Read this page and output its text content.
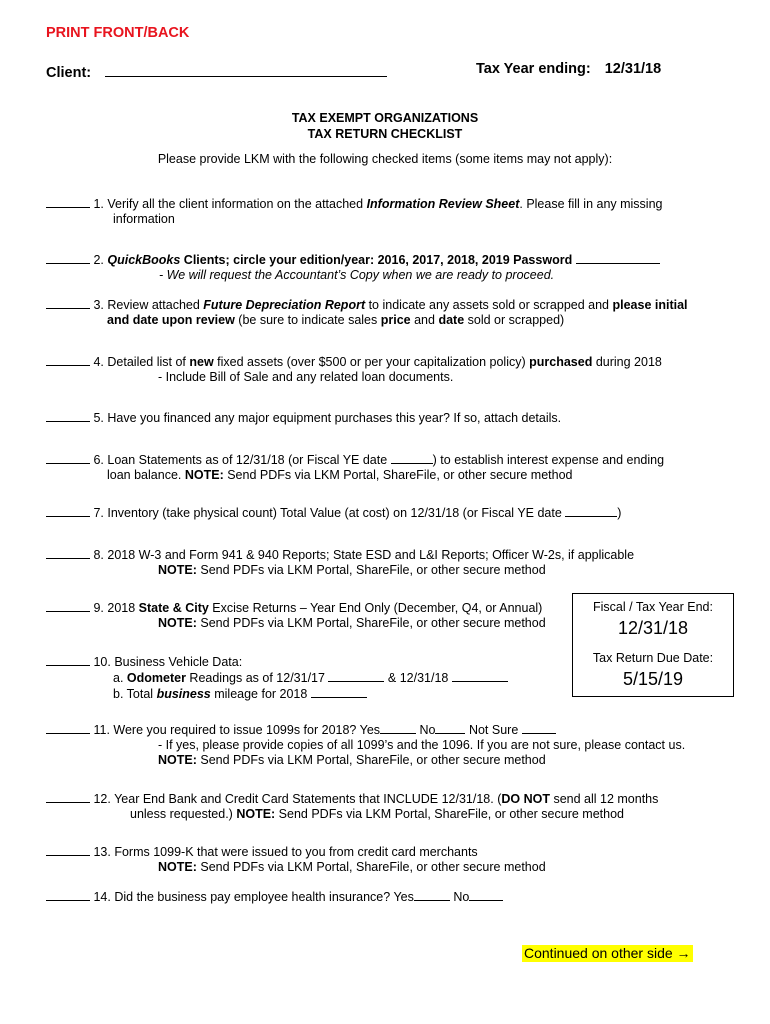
PRINT FRONT/BACK
Client:	Tax Year ending: 12/31/18
TAX EXEMPT ORGANIZATIONS
TAX RETURN CHECKLIST
Please provide LKM with the following checked items (some items may not apply):
1. Verify all the client information on the attached Information Review Sheet. Please fill in any missing
information
2. QuickBooks Clients; circle your edition/year: 2016, 2017, 2018, 2019 Password
- We will request the Accountant’s Copy when we are ready to proceed.
3. Review attached Future Depreciation Report to indicate any assets sold or scrapped and please initial
and date upon review (be sure to indicate sales price and date sold or scrapped)
4. Detailed list of new fixed assets (over $500 or per your capitalization policy) purchased during 2018
- Include Bill of Sale and any related loan documents.
5. Have you financed any major equipment purchases this year? If so, attach details.
6. Loan Statements as of 12/31/18 (or Fiscal YE date	) to establish interest expense and ending
loan balance. NOTE: Send PDFs via LKM Portal, ShareFile, or other secure method
7. Inventory (take physical count) Total Value (at cost) on 12/31/18 (or Fiscal YE date	)
8. 2018 W-3 and Form 941 & 940 Reports; State ESD and L&I Reports; Officer W-2s, if applicable
NOTE: Send PDFs via LKM Portal, ShareFile, or other secure method
9. 2018 State & City Excise Returns – Year End Only (December, Q4, or Annual)
NOTE: Send PDFs via LKM Portal, ShareFile, or other secure method
10. Business Vehicle Data:
a. Odometer Readings as of 12/31/17	& 12/31/18
b. Total business mileage for 2018
Fiscal / Tax Year End:
12/31/18
Tax Return Due Date:
5/15/19
11. Were you required to issue 1099s for 2018? Yes	No Not Sure
- If yes, please provide copies of all 1099’s and the 1096. If you are not sure, please contact us.
NOTE: Send PDFs via LKM Portal, ShareFile, or other secure method
12. Year End Bank and Credit Card Statements that INCLUDE 12/31/18. (DO NOT send all 12 months
unless requested.) NOTE: Send PDFs via LKM Portal, ShareFile, or other secure method
13. Forms 1099-K that were issued to you from credit card merchants
NOTE: Send PDFs via LKM Portal, ShareFile, or other secure method
14. Did the business pay employee health insurance? Yes	No
Continued on other side →
